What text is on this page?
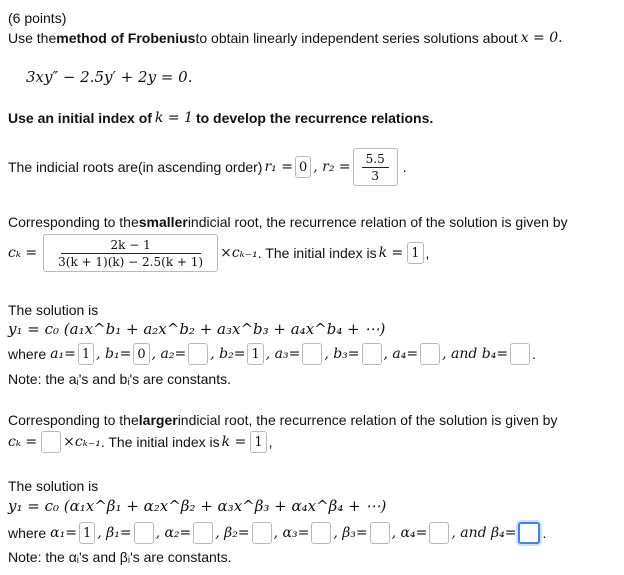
(6 points)
Use the method of Frobenius to obtain linearly independent series solutions about x = 0.
3xy″ − 2.5y′ + 2y = 0.
Use an initial index of k = 1 to develop the recurrence relations.
The indicial roots are(in ascending order) r₁ = 0 , $r_2 = \frac{5.5}{3}$ .
Corresponding to the smaller indicial root, the recurrence relation of the solution is given by
$c_k = \frac{2k - 1}{3(k + 1)(k) - 2.5(k + 1)} \times c_{k-1}$ . The initial index is k = 1 ,
The solution is
y₁ = c₀ (a₁x^b₁ + a₂x^b₂ + a₃x^b₃ + a₄x^b₄ + ⋯)
where a₁= 1 , b₁= 0 , a₂= , b₂= 1 , a₃= , b₃= , a₄= , and b₄= .
Note: the aᵢ's and bᵢ's are constants.
Corresponding to the larger indicial root, the recurrence relation of the solution is given by
cₖ = ×cₖ₋₁ . The initial index is k = 1 ,
The solution is
y₁ = c₀ (α₁x^β₁ + α₂x^β₂ + α₃x^β₃ + α₄x^β₄ + ⋯)
where α₁= 1 , β₁= , α₂= , β₂= , α₃= , β₃= , α₄= , and β₄= .
Note: the αᵢ's and βᵢ's are constants.
